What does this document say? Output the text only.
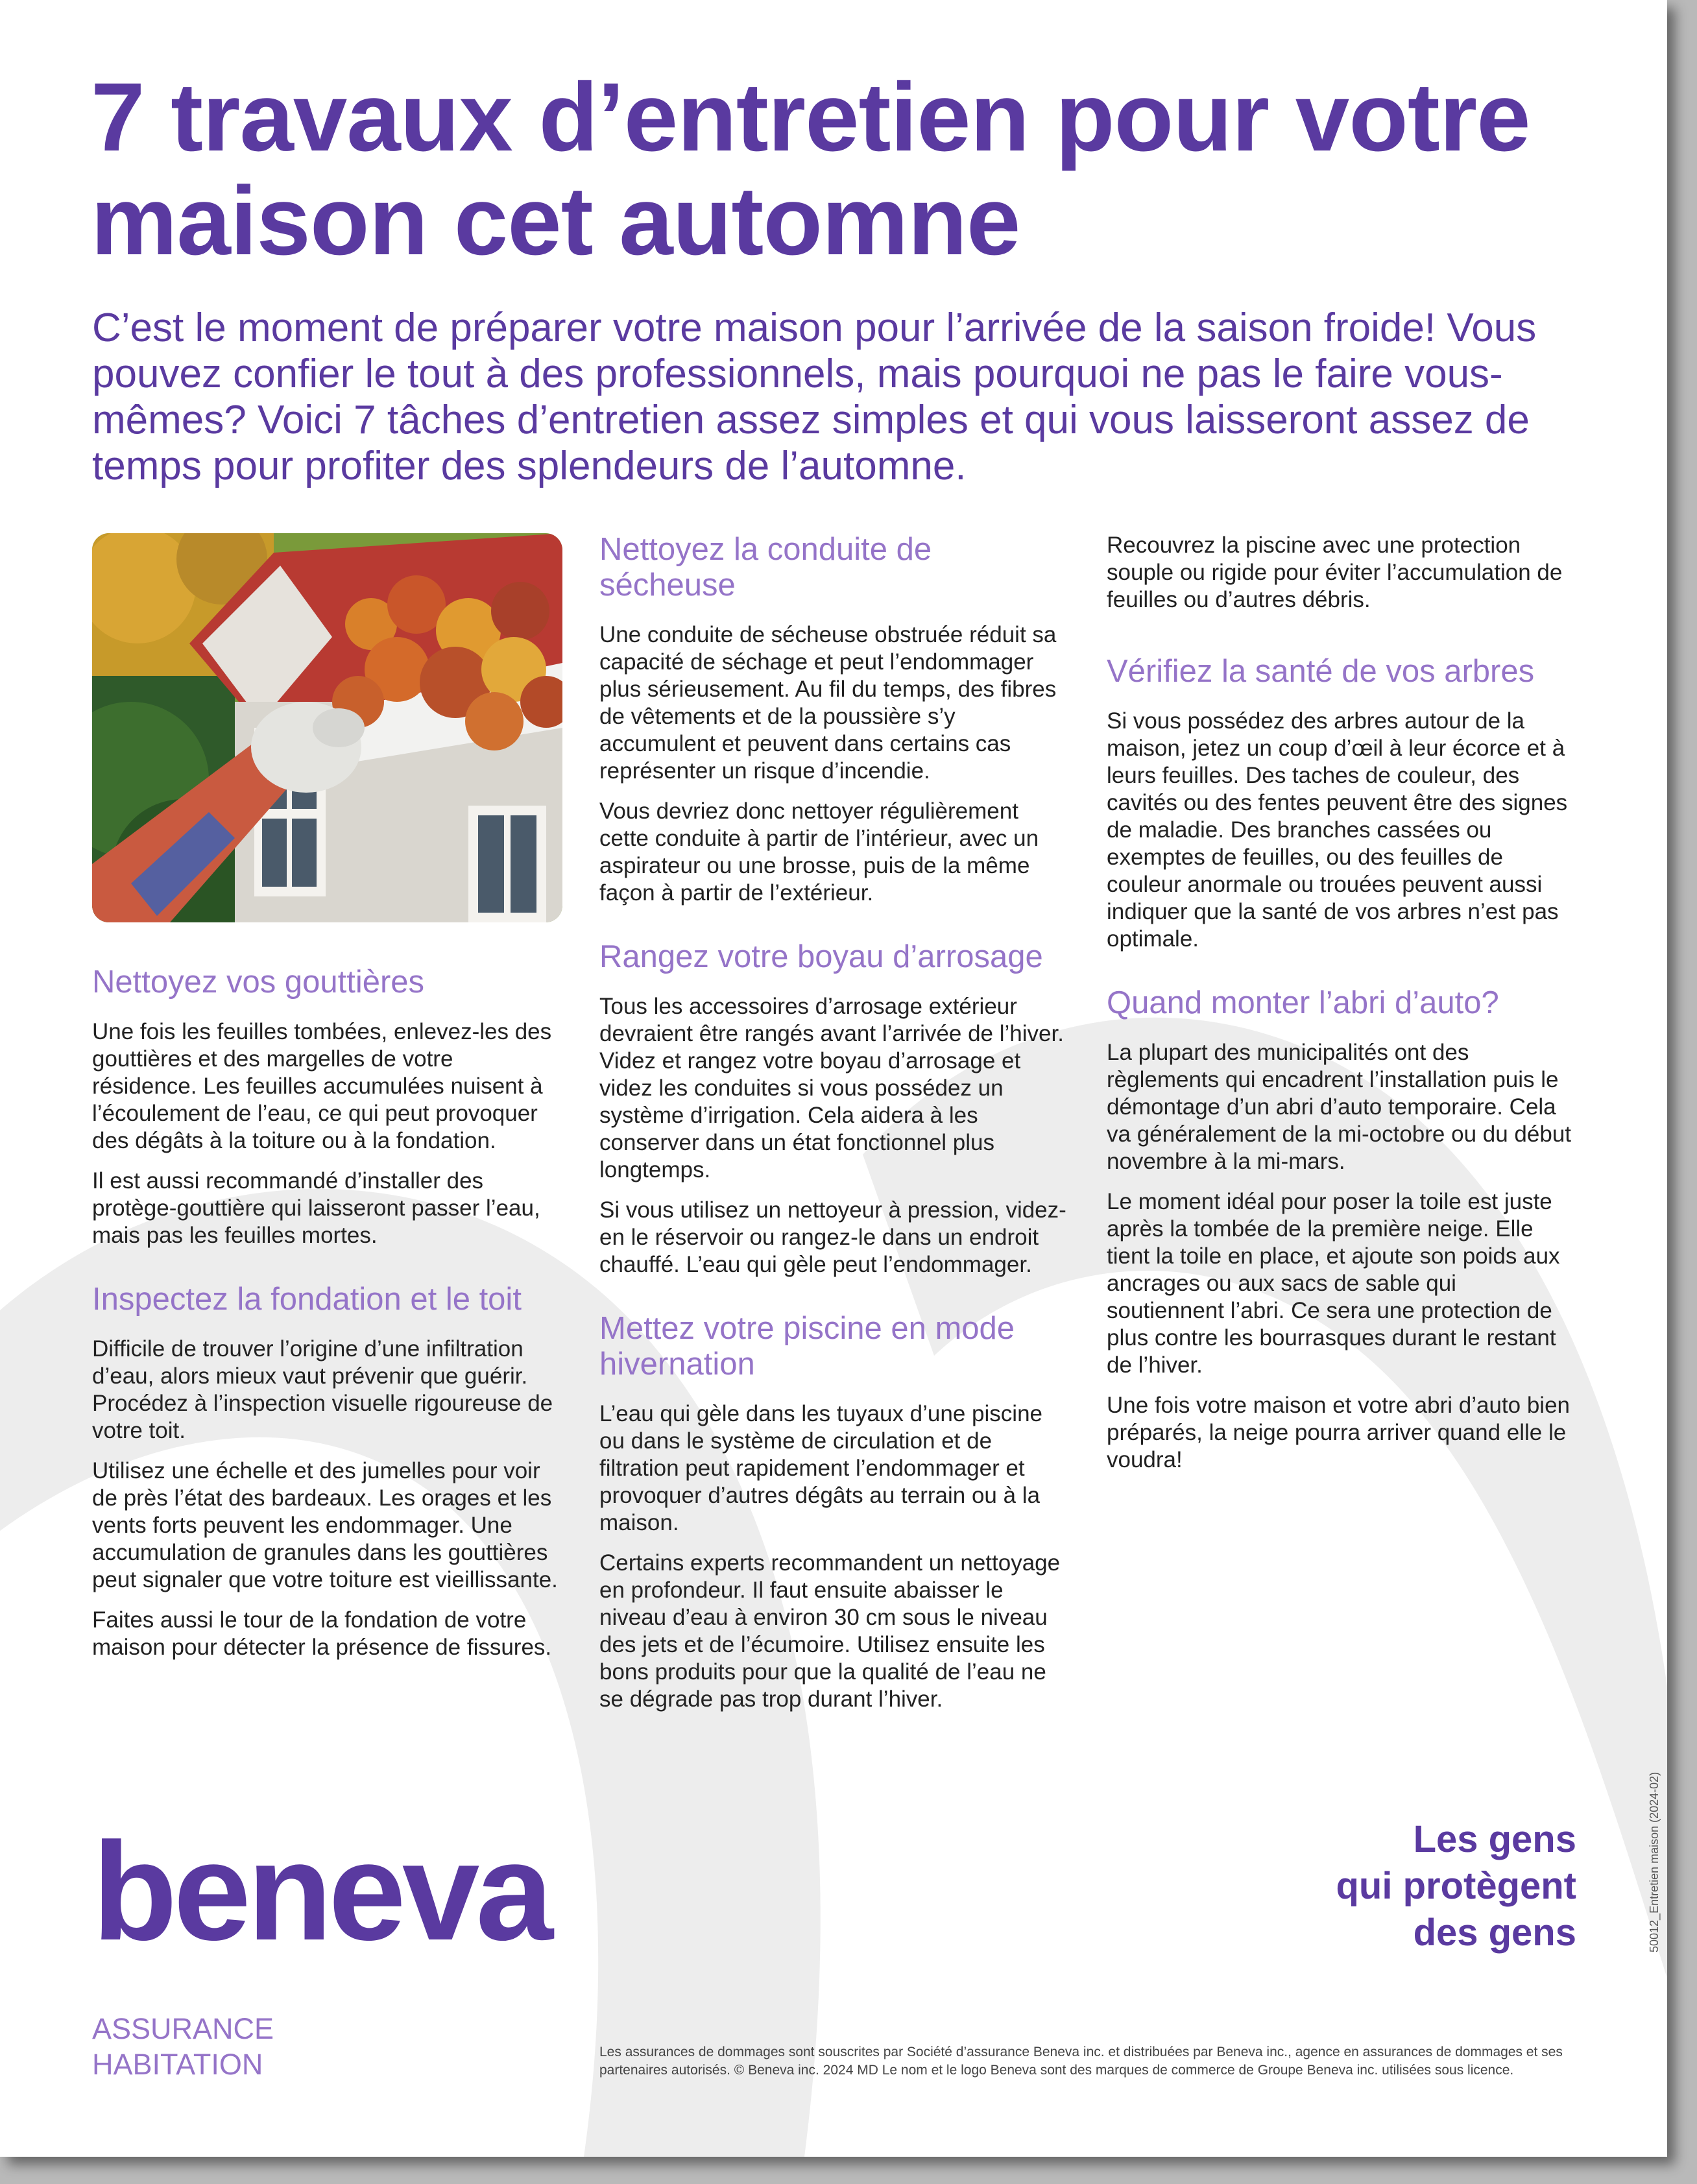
7 travaux d’entretien pour votre maison cet automne

C’est le moment de préparer votre maison pour l’arrivée de la saison froide! Vous pouvez confier le tout à des professionnels, mais pourquoi ne pas le faire vous-mêmes? Voici 7 tâches d’entretien assez simples et qui vous laisseront assez de temps pour profiter des splendeurs de l’automne.

Nettoyez vos gouttières

Une fois les feuilles tombées, enlevez-les des gouttières et des margelles de votre résidence. Les feuilles accumulées nuisent à l’écoulement de l’eau, ce qui peut provoquer des dégâts à la toiture ou à la fondation.

Il est aussi recommandé d’installer des protège-gouttière qui laisseront passer l’eau, mais pas les feuilles mortes.

Inspectez la fondation et le toit

Difficile de trouver l’origine d’une infiltration d’eau, alors mieux vaut prévenir que guérir. Procédez à l’inspection visuelle rigoureuse de votre toit.

Utilisez une échelle et des jumelles pour voir de près l’état des bardeaux. Les orages et les vents forts peuvent les endommager. Une accumulation de granules dans les gouttières peut signaler que votre toiture est vieillissante.

Faites aussi le tour de la fondation de votre maison pour détecter la présence de fissures.

Nettoyez la conduite de sécheuse

Une conduite de sécheuse obstruée réduit sa capacité de séchage et peut l’endommager plus sérieusement. Au fil du temps, des fibres de vêtements et de la poussière s’y accumulent et peuvent dans certains cas représenter un risque d’incendie.

Vous devriez donc nettoyer régulièrement cette conduite à partir de l’intérieur, avec un aspirateur ou une brosse, puis de la même façon à partir de l’extérieur.

Rangez votre boyau d’arrosage

Tous les accessoires d’arrosage extérieur devraient être rangés avant l’arrivée de l’hiver. Videz et rangez votre boyau d’arrosage et videz les conduites si vous possédez un système d’irrigation. Cela aidera à les conserver dans un état fonctionnel plus longtemps.

Si vous utilisez un nettoyeur à pression, videz-en le réservoir ou rangez-le dans un endroit chauffé. L’eau qui gèle peut l’endommager.

Mettez votre piscine en mode hivernation

L’eau qui gèle dans les tuyaux d’une piscine ou dans le système de circulation et de filtration peut rapidement l’endommager et provoquer d’autres dégâts au terrain ou à la maison.

Certains experts recommandent un nettoyage en profondeur. Il faut ensuite abaisser le niveau d’eau à environ 30 cm sous le niveau des jets et de l’écumoire. Utilisez ensuite les bons produits pour que la qualité de l’eau ne se dégrade pas trop durant l’hiver.

Recouvrez la piscine avec une protection souple ou rigide pour éviter l’accumulation de feuilles ou d’autres débris.

Vérifiez la santé de vos arbres

Si vous possédez des arbres autour de la maison, jetez un coup d’œil à leur écorce et à leurs feuilles. Des taches de couleur, des cavités ou des fentes peuvent être des signes de maladie. Des branches cassées ou exemptes de feuilles, ou des feuilles de couleur anormale ou trouées peuvent aussi indiquer que la santé de vos arbres n’est pas optimale.

Quand monter l’abri d’auto?

La plupart des municipalités ont des règlements qui encadrent l’installation puis le démontage d’un abri d’auto temporaire. Cela va généralement de la mi-octobre ou du début novembre à la mi-mars.

Le moment idéal pour poser la toile est juste après la tombée de la première neige. Elle tient la toile en place, et ajoute son poids aux ancrages ou aux sacs de sable qui soutiennent l’abri. Ce sera une protection de plus contre les bourrasques durant le restant de l’hiver.

Une fois votre maison et votre abri d’auto bien préparés, la neige pourra arriver quand elle le voudra!

beneva	Les gens
qui protègent
des gens

ASSURANCE
HABITATION	Les assurances de dommages sont souscrites par Société d’assurance Beneva inc. et distribuées par Beneva inc., agence en assurances de dommages et ses partenaires autorisés. © Beneva inc. 2024 MD Le nom et le logo Beneva sont des marques de commerce de Groupe Beneva inc. utilisées sous licence.

50012_Entretien maison (2024-02)
